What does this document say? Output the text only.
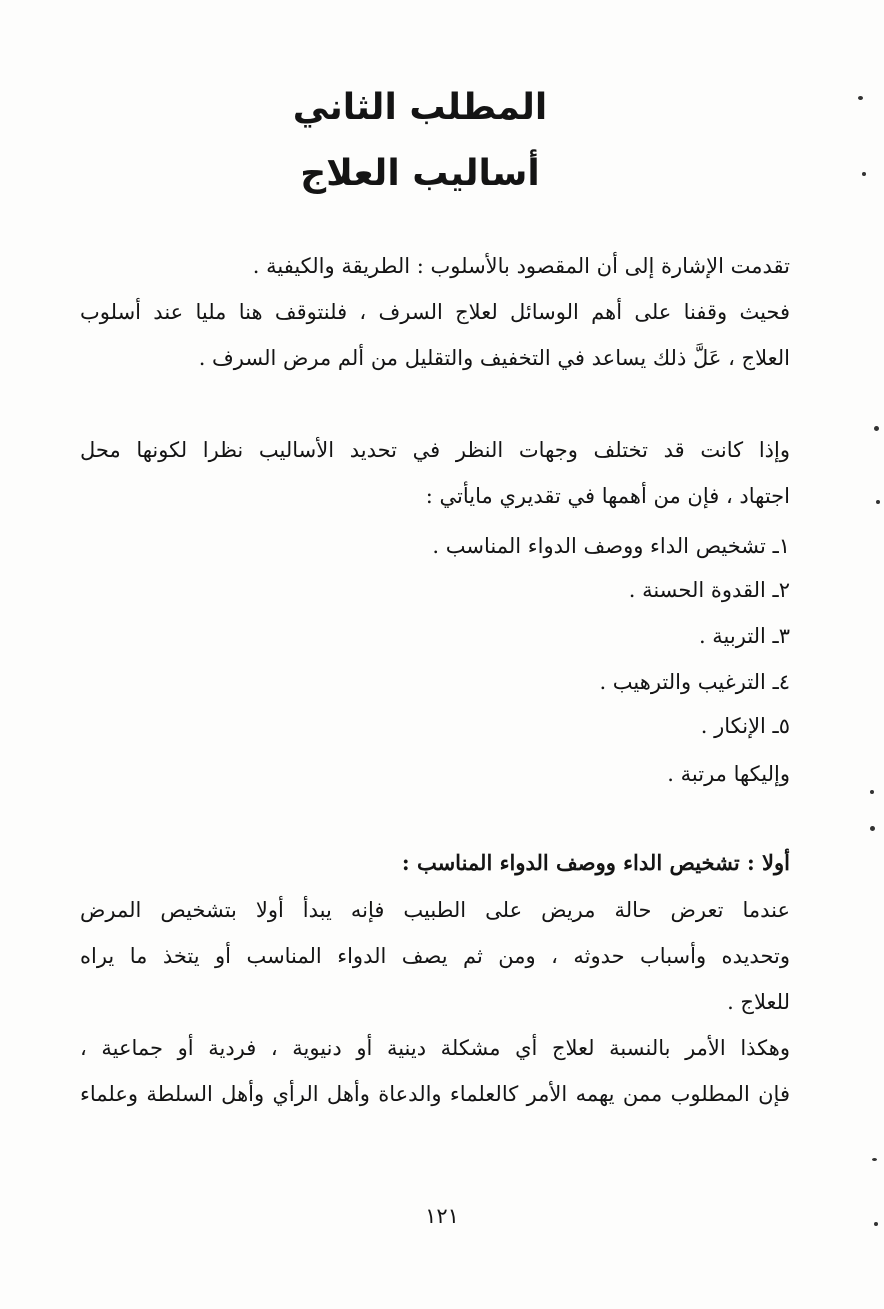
المطلب الثاني
أساليب العلاج
تقدمت الإشارة إلى أن المقصود بالأسلوب : الطريقة والكيفية .
فحيث وقفنا على أهم الوسائل لعلاج السرف ، فلنتوقف هنا مليا عند أسلوب
العلاج ، عَلَّ ذلك يساعد في التخفيف والتقليل من ألم مرض السرف .
وإذا كانت قد تختلف وجهات النظر في تحديد الأساليب نظرا لكونها محل
اجتهاد ، فإن من أهمها في تقديري مايأتي :
١ـ تشخيص الداء ووصف الدواء المناسب .
٢ـ القدوة الحسنة .
٣ـ التربية .
٤ـ الترغيب والترهيب .
٥ـ الإنكار .
وإليكها مرتبة .
أولا : تشخيص الداء ووصف الدواء المناسب :
عندما تعرض حالة مريض على الطبيب فإنه يبدأ أولا بتشخيص المرض
وتحديده وأسباب حدوثه ، ومن ثم يصف الدواء المناسب أو يتخذ ما يراه
للعلاج .
وهكذا الأمر بالنسبة لعلاج أي مشكلة دينية أو دنيوية ، فردية أو جماعية ،
فإن المطلوب ممن يهمه الأمر كالعلماء والدعاة وأهل الرأي وأهل السلطة وعلماء
١٢١
